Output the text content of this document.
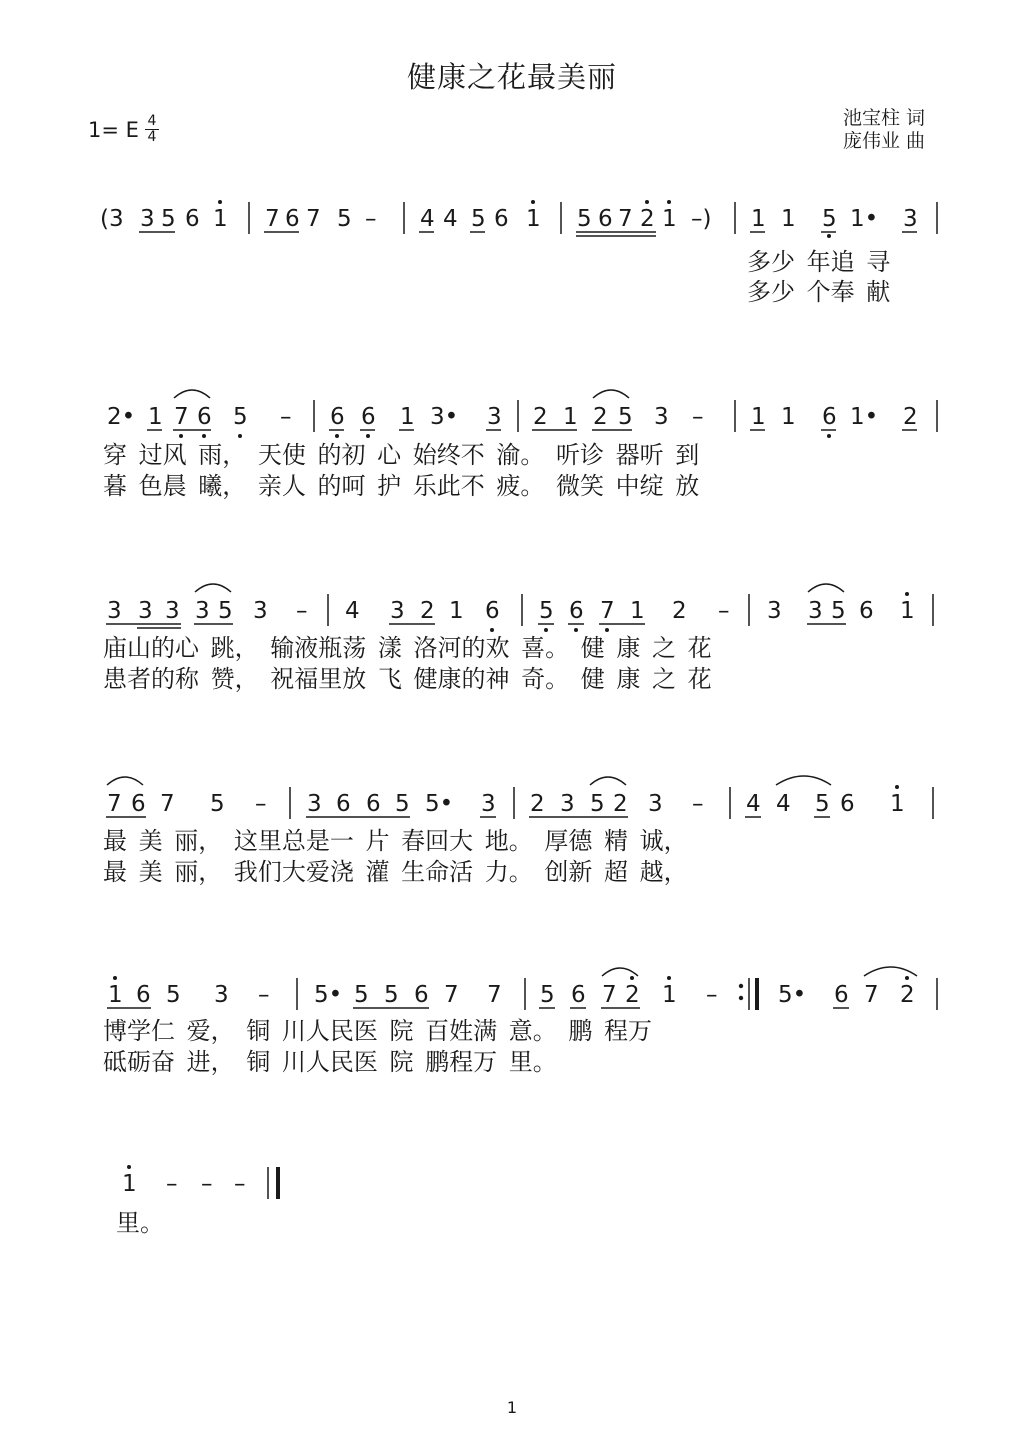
健康之花最美丽
池宝柱 词
庞伟业 曲
1= E 4
4
(3 3 5 6 1 7 6 7 5 – 4 4 5 6 1 5 6 7 2 1 –) 1 1 5 1• 3
多少 年追 寻
多少 个奉 献
2• 1 7 6 5 – 6 6 1 3• 3 2 1 2 5 3 – 1 1 6 1• 2
穿 过风 雨， 天使 的初 心 始终不 渝。 听诊 器听 到
暮 色晨 曦， 亲人 的呵 护 乐此不 疲。 微笑 中绽 放
3 3 3 3 5 3 – 4 3 2 1 6 5 6 7 1 2 – 3 3 5 6 1
庙山的心 跳， 输液瓶荡 漾 洛河的欢 喜。 健 康 之 花
患者的称 赞， 祝福里放 飞 健康的神 奇。 健 康 之 花
7 6 7 5 – 3 6 6 5 5• 3 2 3 5 2 3 – 4 4 5 6 1
最 美 丽， 这里总是一 片 春回大 地。 厚德 精 诚，
最 美 丽， 我们大爱浇 灌 生命活 力。 创新 超 越，
1 6 5 3 – 5• 5 5 6 7 7 5 6 7 2 1 –	5• 6 7 2
博学仁 爱， 铜 川人民医 院 百姓满 意。 鹏 程万
砥砺奋 进， 铜 川人民医 院 鹏程万 里。
1 – – –
里。
1
